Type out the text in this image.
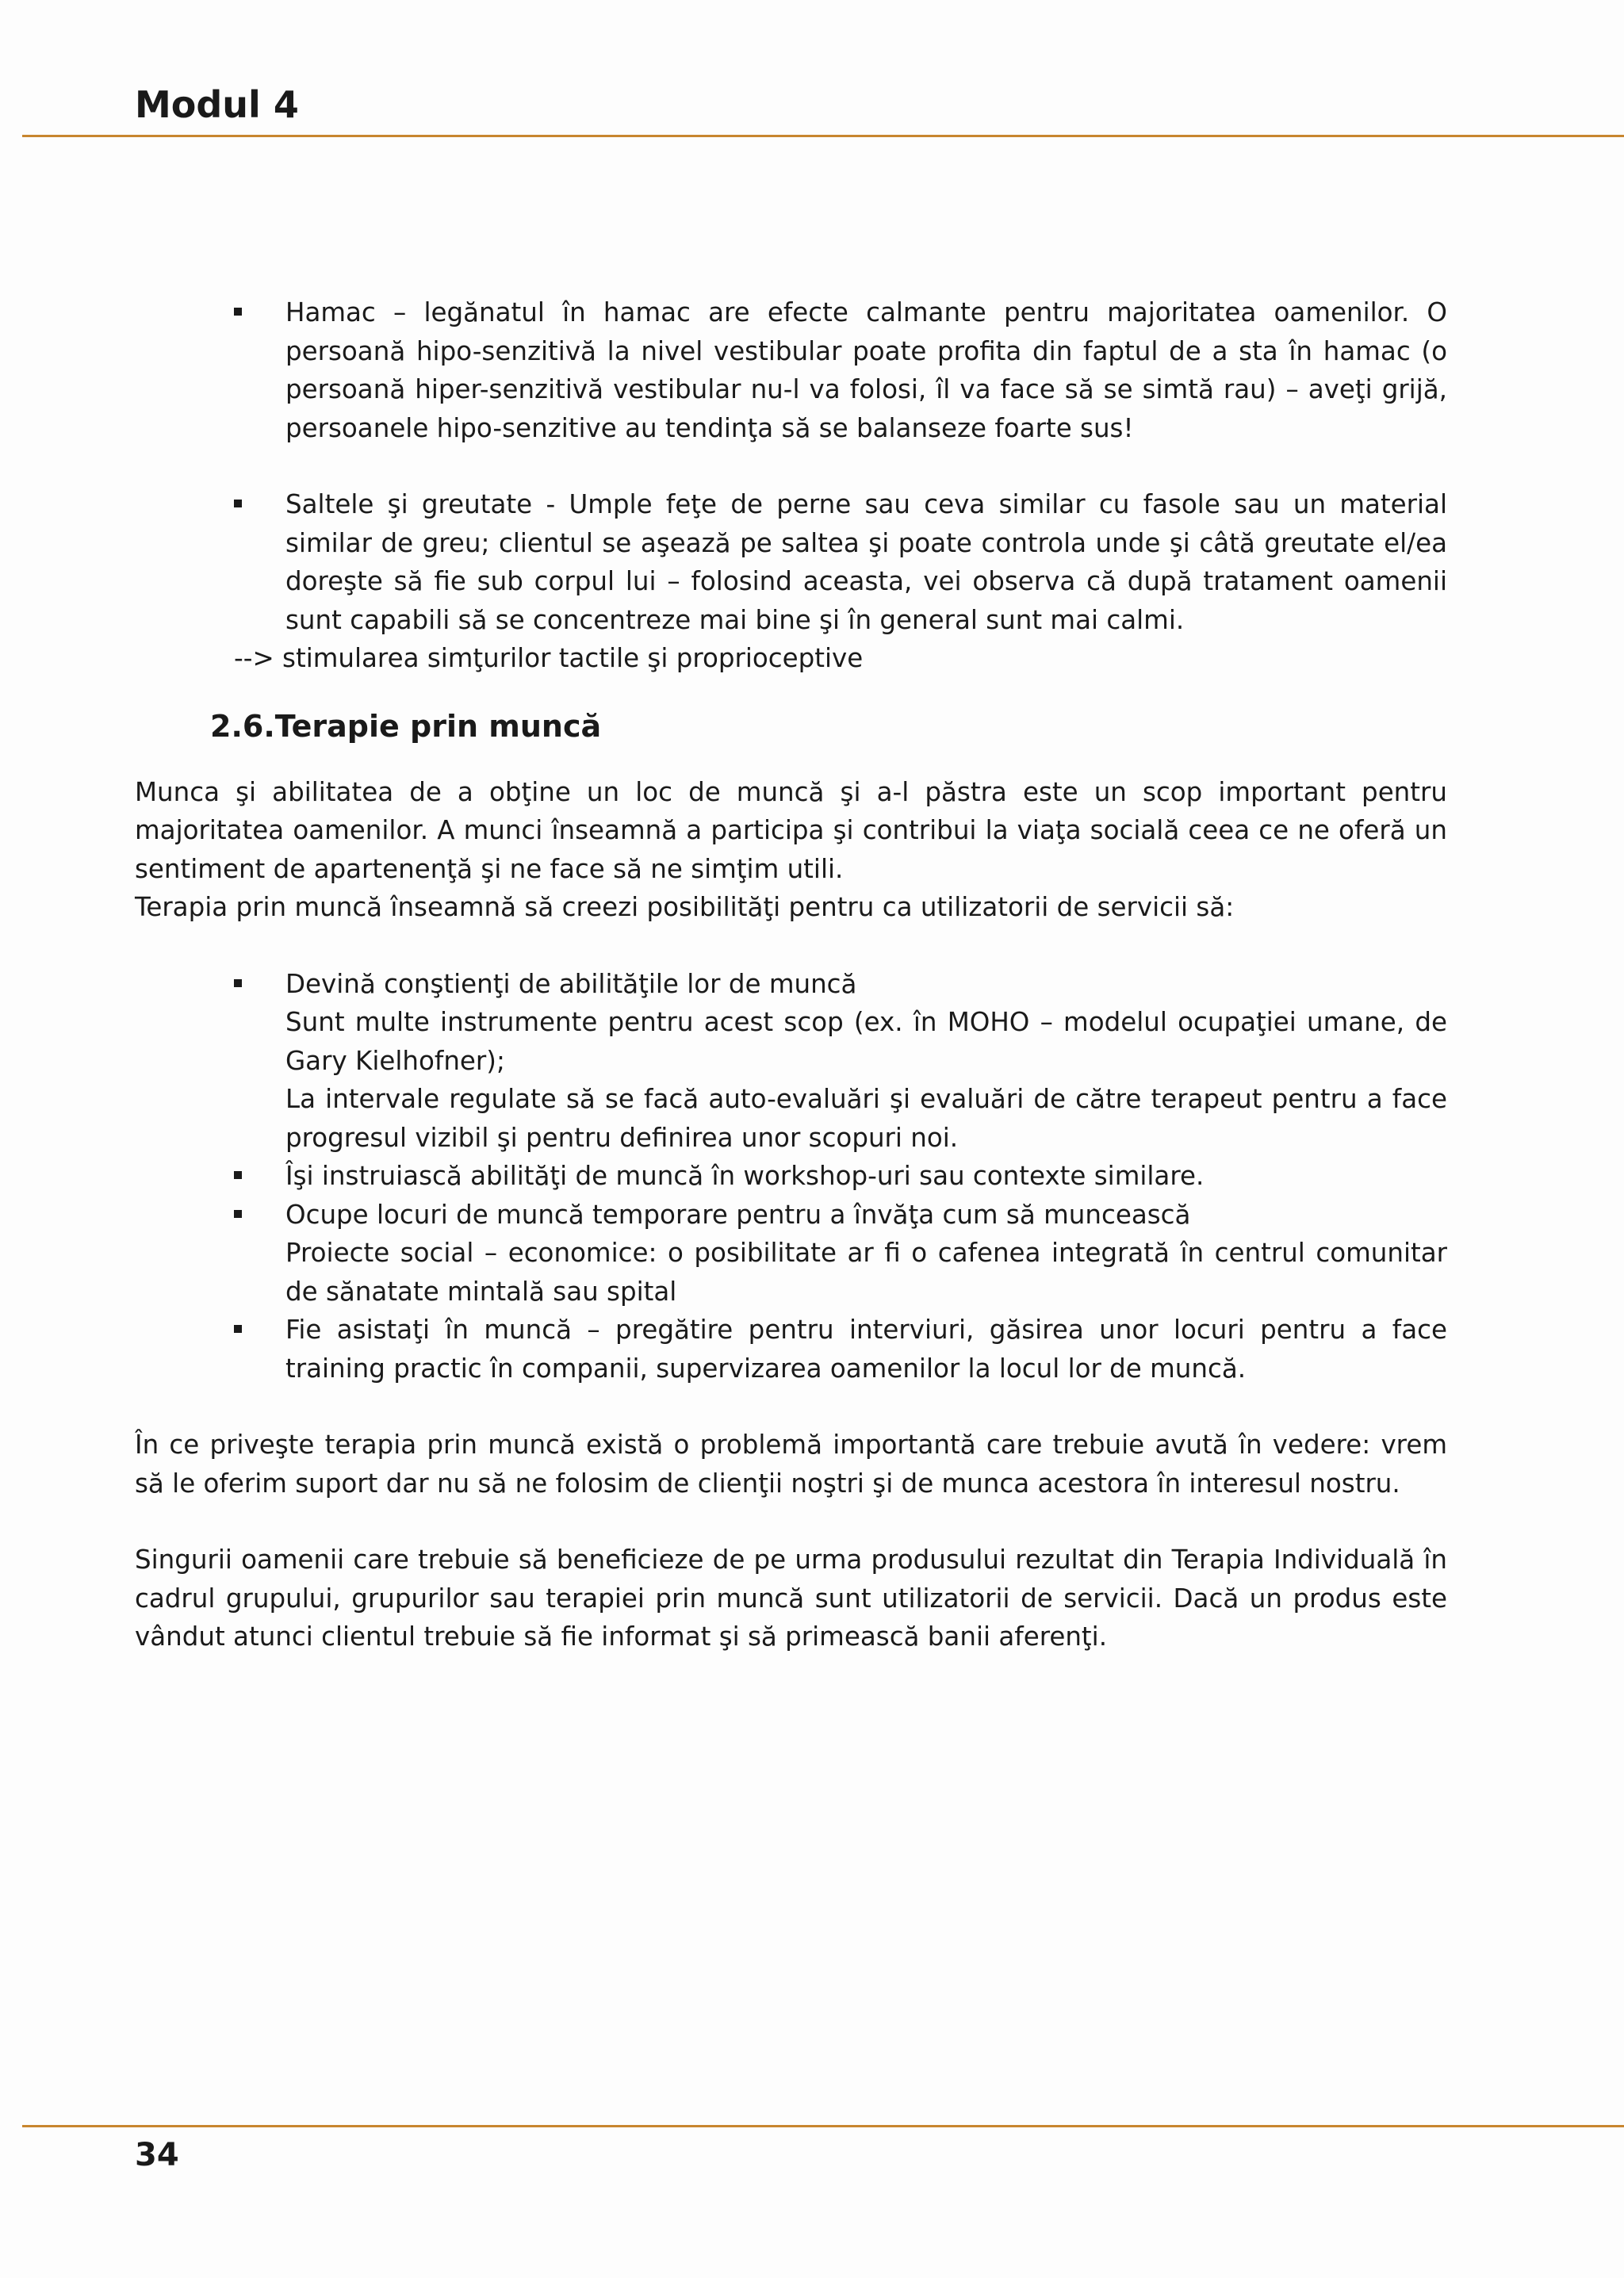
Modul 4
Hamac – legănatul în hamac are efecte calmante pentru majoritatea oamenilor. O persoană hipo-senzitivă la nivel vestibular poate profita din faptul de a sta în hamac (o persoană hiper-senzitivă vestibular nu-l va folosi, îl va face să se simtă rau) – aveţi grijă, persoanele hipo-senzitive au tendinţa să se balanseze foarte sus!
Saltele şi greutate - Umple feţe de perne sau ceva similar cu fasole sau un material similar de greu; clientul se aşează pe saltea şi poate controla unde şi câtă greutate el/ea doreşte să fie sub corpul lui – folosind aceasta, vei observa că după tratament oamenii sunt capabili să se concentreze mai bine şi în general sunt mai calmi.
--> stimularea simţurilor tactile şi proprioceptive
2.6.Terapie prin muncă

Munca şi abilitatea de a obţine un loc de muncă şi a-l păstra este un scop important pentru majoritatea oamenilor. A munci înseamnă a participa şi contribui la viaţa socială ceea ce ne oferă un sentiment de apartenenţă şi ne face să ne simţim utili.

Terapia prin muncă înseamnă să creezi posibilităţi pentru ca utilizatorii de servicii să:

Devină conştienţi de abilităţile lor de muncă
Sunt multe instrumente pentru acest scop (ex. în MOHO – modelul ocupaţiei umane, de Gary Kielhofner);
La intervale regulate să se facă auto-evaluări şi evaluări de către terapeut pentru a face progresul vizibil şi pentru definirea unor scopuri noi.
Îşi instruiască abilităţi de muncă în workshop-uri sau contexte similare.
Ocupe locuri de muncă temporare pentru a învăţa cum să muncească
Proiecte social – economice: o posibilitate ar fi o cafenea integrată în centrul comunitar de sănatate mintală sau spital
Fie asistaţi în muncă – pregătire pentru interviuri, găsirea unor locuri pentru a face training practic în companii, supervizarea oamenilor la locul lor de muncă.

În ce priveşte terapia prin muncă există o problemă importantă care trebuie avută în vedere: vrem să le oferim suport dar nu să ne folosim de clienţii noştri şi de munca acestora în interesul nostru.

Singurii oamenii care trebuie să beneficieze de pe urma produsului rezultat din Terapia Individuală în cadrul grupului, grupurilor sau terapiei prin muncă sunt utilizatorii de servicii. Dacă un produs este vândut atunci clientul trebuie să fie informat şi să primească banii aferenţi.

34
